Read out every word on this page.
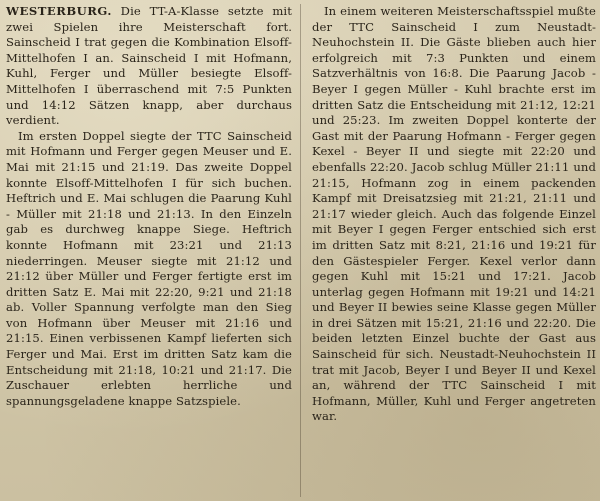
WESTERBURG. Die TT-A-Klasse setzte mit zwei Spielen ihre Meisterschaft fort. Sainscheid I trat gegen die Kombination Elsoff-Mittelhofen I an. Sainscheid I mit Hofmann, Kuhl, Ferger und Müller besiegte Elsoff-Mittelhofen I überraschend mit 7:5 Punkten und 14:12 Sätzen knapp, aber durchaus verdient.

Im ersten Doppel siegte der TTC Sainscheid mit Hofmann und Ferger gegen Meuser und E. Mai mit 21:15 und 21:19. Das zweite Doppel konnte Elsoff-Mittelhofen I für sich buchen. Heftrich und E. Mai schlugen die Paarung Kuhl - Müller mit 21:18 und 21:13. In den Einzeln gab es durchweg knappe Siege. Heftrich konnte Hofmann mit 23:21 und 21:13 niederringen. Meuser siegte mit 21:12 und 21:12 über Müller und Ferger fertigte erst im dritten Satz E. Mai mit 22:20, 9:21 und 21:18 ab. Voller Spannung verfolgte man den Sieg von Hofmann über Meuser mit 21:16 und 21:15. Einen verbissenen Kampf lieferten sich Ferger und Mai. Erst im dritten Satz kam die Entscheidung mit 21:18, 10:21 und 21:17. Die Zuschauer erlebten herrliche und spannungsgeladene knappe Satzspiele.

In einem weiteren Meisterschaftsspiel mußte der TTC Sainscheid I zum Neustadt-Neuhochstein II. Die Gäste blieben auch hier erfolgreich mit 7:3 Punkten und einem Satzverhältnis von 16:8. Die Paarung Jacob - Beyer I gegen Müller - Kuhl brachte erst im dritten Satz die Entscheidung mit 21:12, 12:21 und 25:23. Im zweiten Doppel konterte der Gast mit der Paarung Hofmann - Ferger gegen Kexel - Beyer II und siegte mit 22:20 und ebenfalls 22:20. Jacob schlug Müller 21:11 und 21:15, Hofmann zog in einem packenden Kampf mit Dreisatzsieg mit 21:21, 21:11 und 21:17 wieder gleich. Auch das folgende Einzel mit Beyer I gegen Ferger entschied sich erst im dritten Satz mit 8:21, 21:16 und 19:21 für den Gästespieler Ferger. Kexel verlor dann gegen Kuhl mit 15:21 und 17:21. Jacob unterlag gegen Hofmann mit 19:21 und 14:21 und Beyer II bewies seine Klasse gegen Müller in drei Sätzen mit 15:21, 21:16 und 22:20. Die beiden letzten Einzel buchte der Gast aus Sainscheid für sich. Neustadt-Neuhochstein II trat mit Jacob, Beyer I und Beyer II und Kexel an, während der TTC Sainscheid I mit Hofmann, Müller, Kuhl und Ferger angetreten war.
